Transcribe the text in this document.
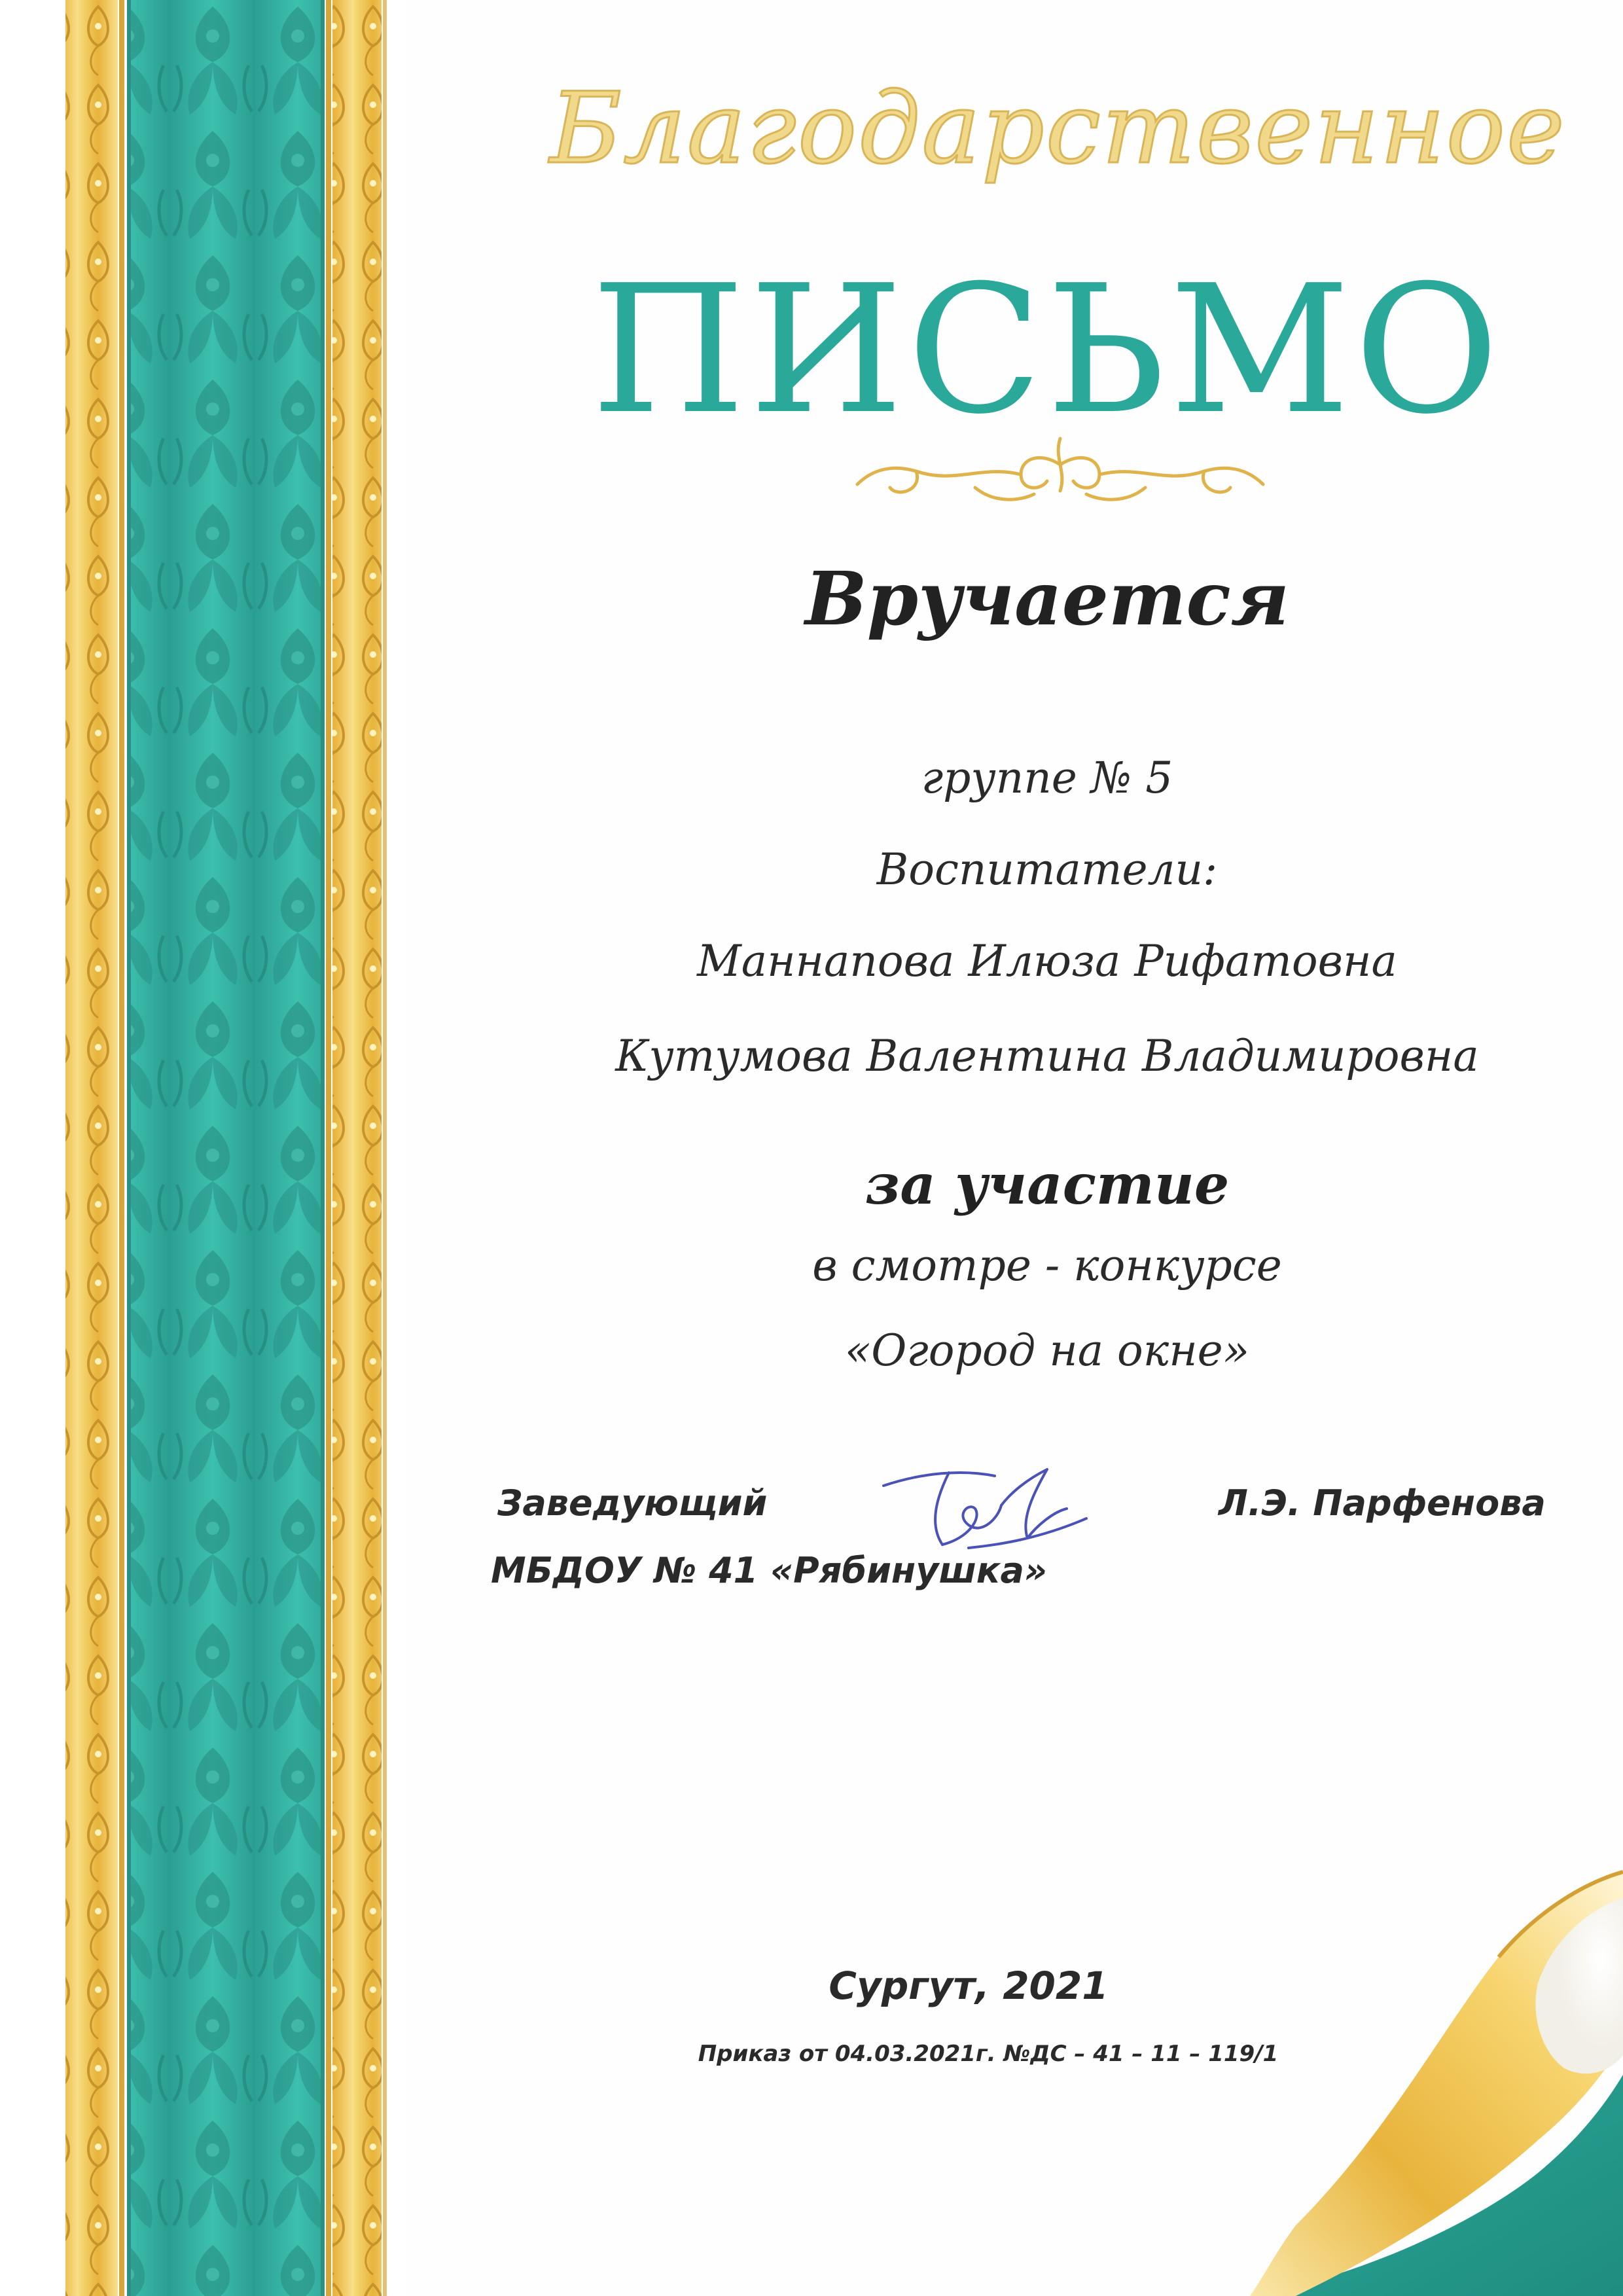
Благодарственное
ПИСЬМО
Вручается
группе № 5
Воспитатели:
Маннапова Илюза Рифатовна
Кутумова Валентина Владимировна
за участие
в смотре - конкурсе
«Огород на окне»
Заведующий
МБДОУ № 41 «Рябинушка»
Л.Э. Парфенова
Сургут, 2021
Приказ от 04.03.2021г. №ДС – 41 – 11 – 119/1
